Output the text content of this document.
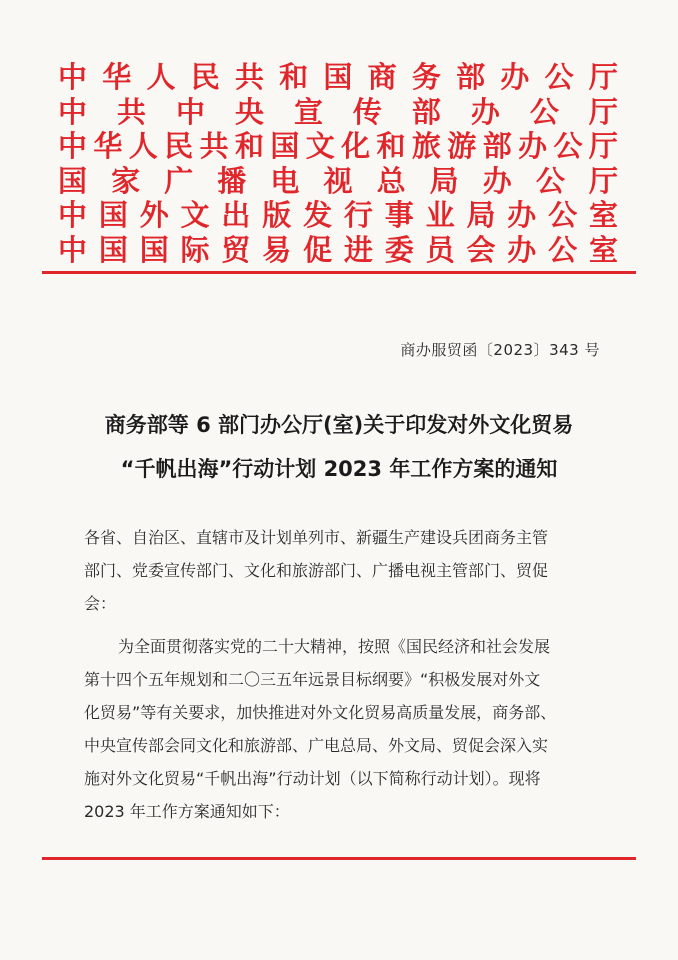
中 华 人 民 共 和 国 商 务 部 办 公 厅
中 共 中 央 宣 传 部 办 公 厅
中 华 人 民 共 和 国 文 化 和 旅 游 部 办 公 厅
国 家 广 播 电 视 总 局 办 公 厅
中 国 外 文 出 版 发 行 事 业 局 办 公 室
中 国 国 际 贸 易 促 进 委 员 会 办 公 室
商办服贸函〔2023〕343 号
商务部等 6 部门办公厅(室)关于印发对外文化贸易
“千帆出海”行动计划 2023 年工作方案的通知
各省、自治区、直辖市及计划单列市、新疆生产建设兵团商务主管
部门、党委宣传部门、文化和旅游部门、广播电视主管部门、贸促
会：
为全面贯彻落实党的二十大精神，按照《国民经济和社会发展
第十四个五年规划和二〇三五年远景目标纲要》“积极发展对外文
化贸易”等有关要求，加快推进对外文化贸易高质量发展，商务部、
中央宣传部会同文化和旅游部、广电总局、外文局、贸促会深入实
施对外文化贸易“千帆出海”行动计划（以下简称行动计划）。现将
2023 年工作方案通知如下：
